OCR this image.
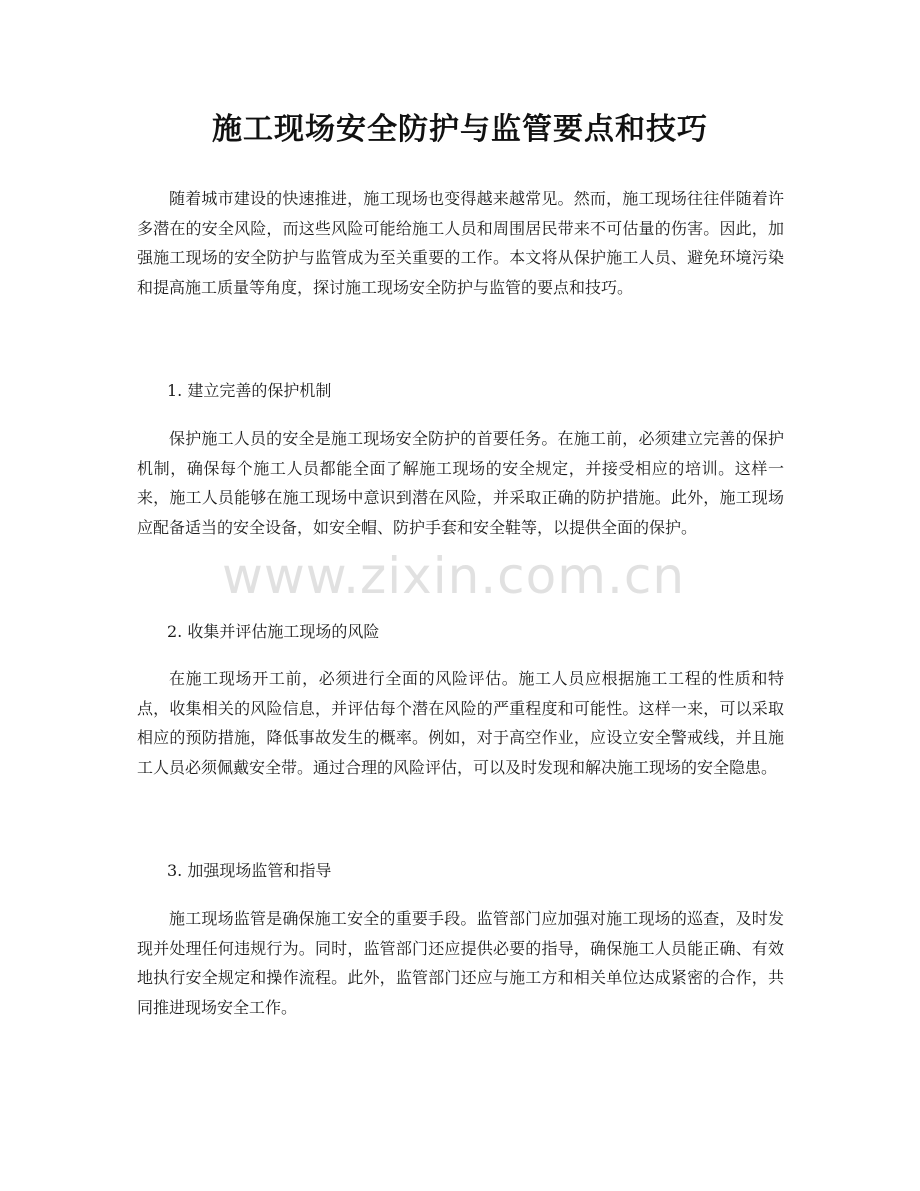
施工现场安全防护与监管要点和技巧

随着城市建设的快速推进，施工现场也变得越来越常见。然而，施工现场往往伴随着许多潜在的安全风险，而这些风险可能给施工人员和周围居民带来不可估量的伤害。因此，加强施工现场的安全防护与监管成为至关重要的工作。本文将从保护施工人员、避免环境污染和提高施工质量等角度，探讨施工现场安全防护与监管的要点和技巧。

1. 建立完善的保护机制

保护施工人员的安全是施工现场安全防护的首要任务。在施工前，必须建立完善的保护机制，确保每个施工人员都能全面了解施工现场的安全规定，并接受相应的培训。这样一来，施工人员能够在施工现场中意识到潜在风险，并采取正确的防护措施。此外，施工现场应配备适当的安全设备，如安全帽、防护手套和安全鞋等，以提供全面的保护。

2. 收集并评估施工现场的风险

在施工现场开工前，必须进行全面的风险评估。施工人员应根据施工工程的性质和特点，收集相关的风险信息，并评估每个潜在风险的严重程度和可能性。这样一来，可以采取相应的预防措施，降低事故发生的概率。例如，对于高空作业，应设立安全警戒线，并且施工人员必须佩戴安全带。通过合理的风险评估，可以及时发现和解决施工现场的安全隐患。

3. 加强现场监管和指导

施工现场监管是确保施工安全的重要手段。监管部门应加强对施工现场的巡查，及时发现并处理任何违规行为。同时，监管部门还应提供必要的指导，确保施工人员能正确、有效地执行安全规定和操作流程。此外，监管部门还应与施工方和相关单位达成紧密的合作，共同推进现场安全工作。

www.zixin.com.cn
